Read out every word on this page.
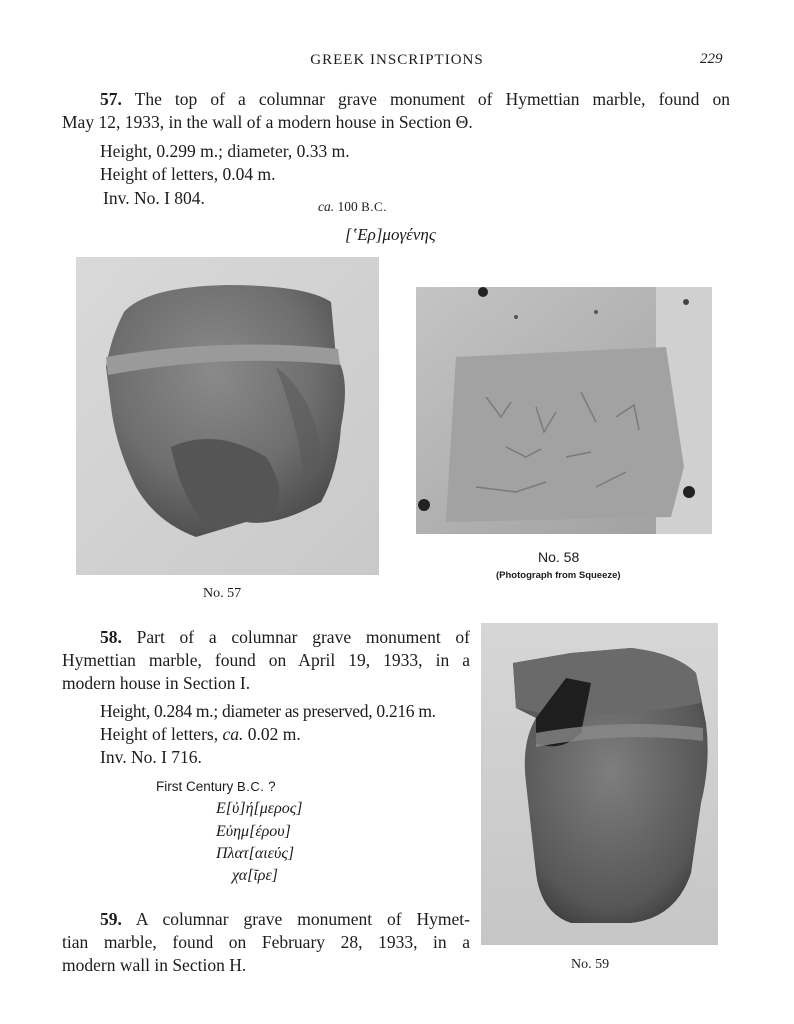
GREEK INSCRIPTIONS	229
57. The top of a columnar grave monument of Hymettian marble, found on
May 12, 1933, in the wall of a modern house in Section Θ.
Height, 0.299 m.; diameter, 0.33 m.
Height of letters, 0.04 m.
Inv. No. I 804.	ca. 100 B.C.
[ʽΕρ]μογένης
No. 57
No. 58
(Photograph from Squeeze)
58. Part of a columnar grave monument of
Hymettian marble, found on April 19, 1933, in a
modern house in Section I.
Height, 0.284 m.; diameter as preserved, 0.216 m.
Height of letters, ca. 0.02 m.
Inv. No. I 716.
First Century B.C. ?
Ε[ὐ]ή[μερος]
Εὐημ[έρου]
Πλατ[αιεύς]
χα[ῖρε]
No. 59
59. A columnar grave monument of Hymet-
tian marble, found on February 28, 1933, in a
modern wall in Section H.
